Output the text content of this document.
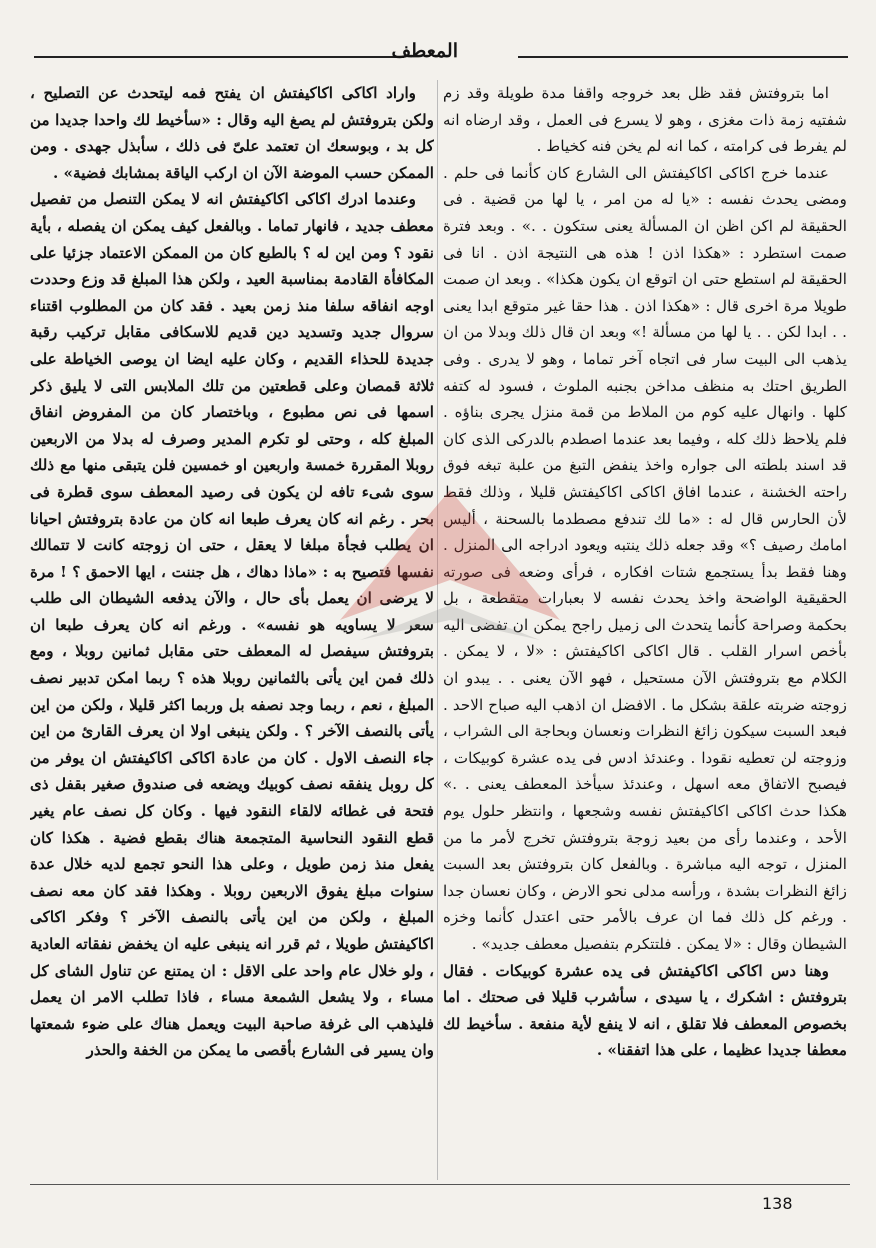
المعطف

اما بتروفتش فقد ظل بعد خروجه واقفا مدة طويلة وقد زم شفتيه زمة ذات مغزى ، وهو لا يسرع فى العمل ، وقد ارضاه انه لم يفرط فى كرامته ، كما انه لم يخن فنه كخياط .

عندما خرج اكاكى اكاكيفتش الى الشارع كان كأنما فى حلم . ومضى يحدث نفسه : «يا له من امر ، يا لها من قضية . فى الحقيقة لم اكن اظن ان المسألة يعنى ستكون . .» . وبعد فترة صمت استطرد : «هكذا اذن ! هذه هى النتيجة اذن . انا فى الحقيقة لم استطع حتى ان اتوقع ان يكون هكذا» . وبعد ان صمت طويلا مرة اخرى قال : «هكذا اذن . هذا حقا غير متوقع ابدا يعنى . . ابدا لكن . . يا لها من مسألة !» وبعد ان قال ذلك وبدلا من ان يذهب الى البيت سار فى اتجاه آخر تماما ، وهو لا يدرى . وفى الطريق احتك به منظف مداخن بجنبه الملوث ، فسود له كتفه كلها . وانهال عليه كوم من الملاط من قمة منزل يجرى بناؤه . فلم يلاحظ ذلك كله ، وفيما بعد عندما اصطدم بالدركى الذى كان قد اسند بلطته الى جواره واخذ ينفض التبغ من علبة تبغه فوق راحته الخشنة ، عندما افاق اكاكى اكاكيفتش قليلا ، وذلك فقط لأن الحارس قال له : «ما لك تندفع مصطدما بالسحنة ، أليس امامك رصيف ؟» وقد جعله ذلك ينتبه ويعود ادراجه الى المنزل . وهنا فقط بدأ يستجمع شتات افكاره ، فرأى وضعه فى صورته الحقيقية الواضحة واخذ يحدث نفسه لا بعبارات متقطعة ، بل بحكمة وصراحة كأنما يتحدث الى زميل راجح يمكن ان تفضى اليه بأخص اسرار القلب . قال اكاكى اكاكيفتش : «لا ، لا يمكن . الكلام مع بتروفتش الآن مستحيل ، فهو الآن يعنى . . يبدو ان زوجته ضربته علقة بشكل ما . الافضل ان اذهب اليه صباح الاحد . فبعد السبت سيكون زائغ النظرات ونعسان وبحاجة الى الشراب ، وزوجته لن تعطيه نقودا . وعندئذ ادس فى يده عشرة كوبيكات ، فيصبح الاتفاق معه اسهل ، وعندئذ سيأخذ المعطف يعنى . .» هكذا حدث اكاكى اكاكيفتش نفسه وشجعها ، وانتظر حلول يوم الأحد ، وعندما رأى من بعيد زوجة بتروفتش تخرج لأمر ما من المنزل ، توجه اليه مباشرة . وبالفعل كان بتروفتش بعد السبت زائغ النظرات بشدة ، ورأسه مدلى نحو الارض ، وكان نعسان جدا . ورغم كل ذلك فما ان عرف بالأمر حتى اعتدل كأنما وخزه الشيطان وقال : «لا يمكن . فلتتكرم بتفصيل معطف جديد» .

وهنا دس اكاكى اكاكيفتش فى يده عشرة كوبيكات . فقال بتروفتش : اشكرك ، يا سيدى ، سأشرب قليلا فى صحتك . اما بخصوص المعطف فلا تقلق ، انه لا ينفع لأية منفعة . سأخيط لك معطفا جديدا عظيما ، على هذا اتفقنا» .

واراد اكاكى اكاكيفتش ان يفتح فمه ليتحدث عن التصليح ، ولكن بتروفتش لم يصغ اليه وقال : «سأخيط لك واحدا جديدا من كل بد ، وبوسعك ان تعتمد علىّ فى ذلك ، سأبذل جهدى . ومن الممكن حسب الموضة الآن ان اركب الياقة بمشابك فضية» .

وعندما ادرك اكاكى اكاكيفتش انه لا يمكن التنصل من تفصيل معطف جديد ، فانهار تماما . وبالفعل كيف يمكن ان يفصله ، بأية نقود ؟ ومن اين له ؟ بالطبع كان من الممكن الاعتماد جزئيا على المكافأة القادمة بمناسبة العيد ، ولكن هذا المبلغ قد وزع وحددت اوجه انفاقه سلفا منذ زمن بعيد . فقد كان من المطلوب اقتناء سروال جديد وتسديد دين قديم للاسكافى مقابل تركيب رقبة جديدة للحذاء القديم ، وكان عليه ايضا ان يوصى الخياطة على ثلاثة قمصان وعلى قطعتين من تلك الملابس التى لا يليق ذكر اسمها فى نص مطبوع ، وباختصار كان من المفروض انفاق المبلغ كله ، وحتى لو تكرم المدير وصرف له بدلا من الاربعين روبلا المقررة خمسة واربعين او خمسين فلن يتبقى منها مع ذلك سوى شىء تافه لن يكون فى رصيد المعطف سوى قطرة فى بحر . رغم انه كان يعرف طبعا انه كان من عادة بتروفتش احيانا ان يطلب فجأة مبلغا لا يعقل ، حتى ان زوجته كانت لا تتمالك نفسها فتصيح به : «ماذا دهاك ، هل جننت ، ايها الاحمق ؟ ! مرة لا يرضى ان يعمل بأى حال ، والآن يدفعه الشيطان الى طلب سعر لا يساويه هو نفسه» . ورغم انه كان يعرف طبعا ان بتروفتش سيفصل له المعطف حتى مقابل ثمانين روبلا ، ومع ذلك فمن اين يأتى بالثمانين روبلا هذه ؟ ربما امكن تدبير نصف المبلغ ، نعم ، ربما وجد نصفه بل وربما اكثر قليلا ، ولكن من اين يأتى بالنصف الآخر ؟ . ولكن ينبغى اولا ان يعرف القارئ من اين جاء النصف الاول . كان من عادة اكاكى اكاكيفتش ان يوفر من كل روبل ينفقه نصف كوبيك ويضعه فى صندوق صغير بقفل ذى فتحة فى غطائه لالقاء النقود فيها . وكان كل نصف عام يغير قطع النقود النحاسية المتجمعة هناك بقطع فضية . هكذا كان يفعل منذ زمن طويل ، وعلى هذا النحو تجمع لديه خلال عدة سنوات مبلغ يفوق الاربعين روبلا . وهكذا فقد كان معه نصف المبلغ ، ولكن من اين يأتى بالنصف الآخر ؟ وفكر اكاكى اكاكيفتش طويلا ، ثم قرر انه ينبغى عليه ان يخفض نفقاته العادية ، ولو خلال عام واحد على الاقل : ان يمتنع عن تناول الشاى كل مساء ، ولا يشعل الشمعة مساء ، فاذا تطلب الامر ان يعمل فليذهب الى غرفة صاحبة البيت ويعمل هناك على ضوء شمعتها وان يسير فى الشارع بأقصى ما يمكن من الخفة والحذر

138
